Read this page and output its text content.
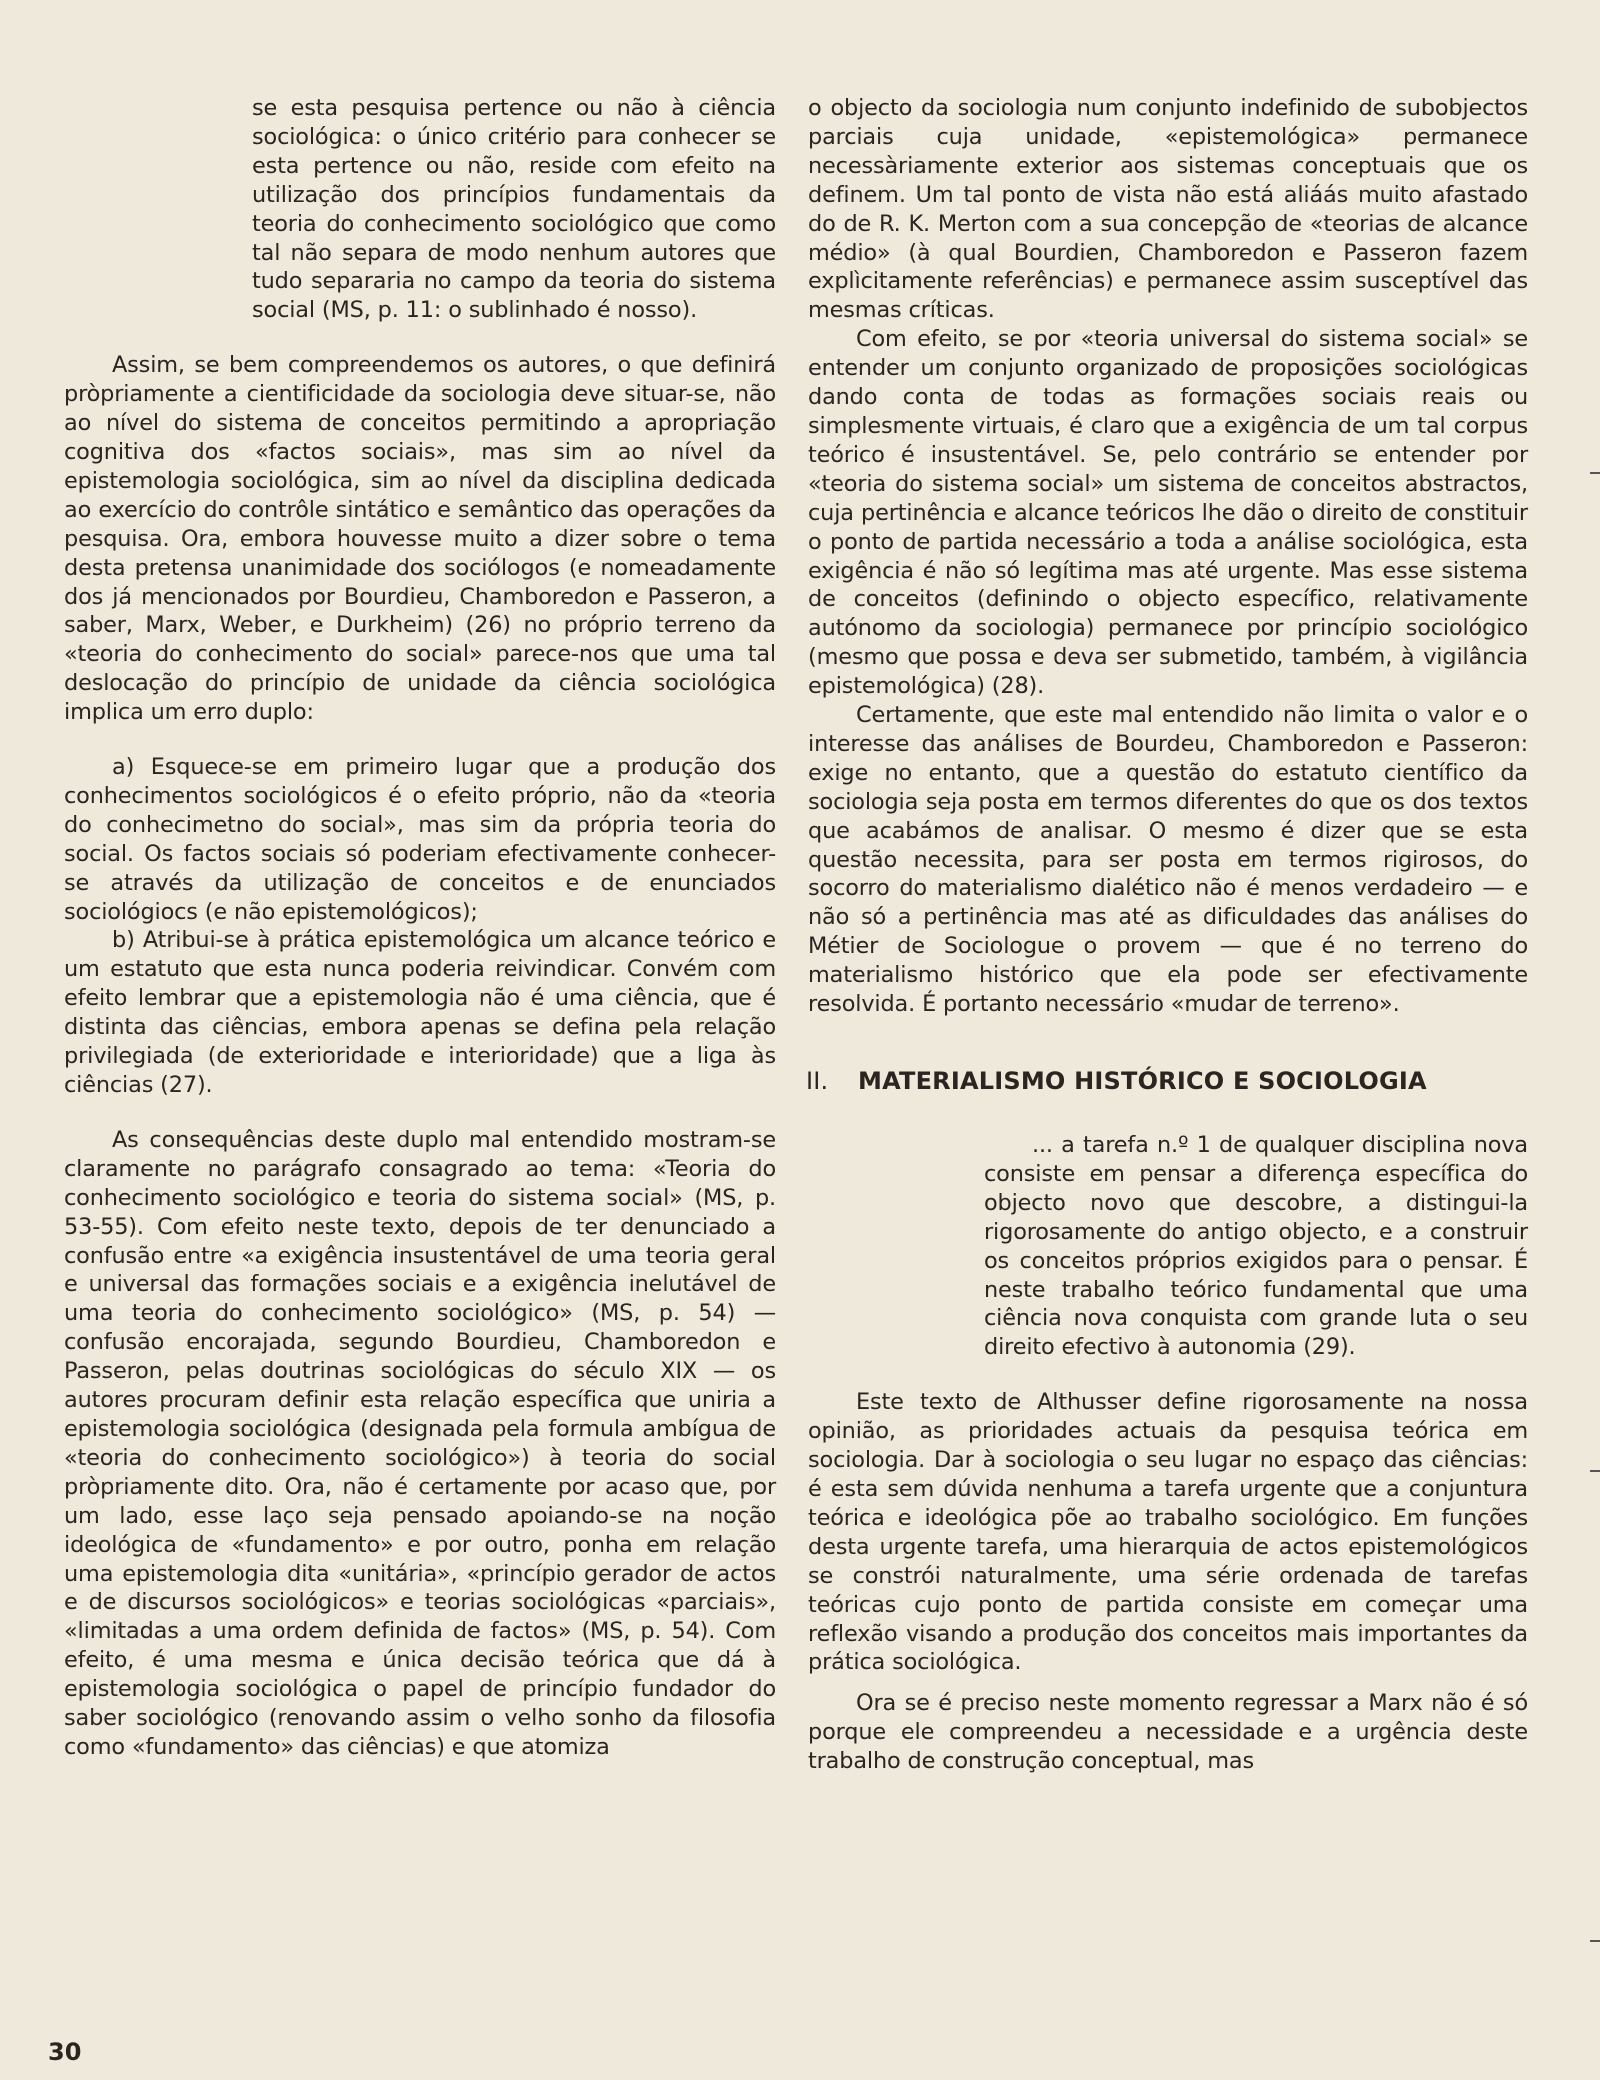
se esta pesquisa pertence ou não à ciência sociológica: o único critério para conhecer se esta pertence ou não, reside com efeito na utilização dos princípios fundamentais da teoria do conhecimento sociológico que como tal não separa de modo nenhum autores que tudo separaria no campo da teoria do sistema social (MS, p. 11: o sublinhado é nosso).

Assim, se bem compreendemos os autores, o que definirá pròpriamente a cientificidade da sociologia deve situar-se, não ao nível do sistema de conceitos permitindo a apropriação cognitiva dos «factos sociais», mas sim ao nível da epistemologia sociológica, sim ao nível da disciplina dedicada ao exercício do contrôle sintático e semântico das operações da pesquisa. Ora, embora houvesse muito a dizer sobre o tema desta pretensa unanimidade dos sociólogos (e nomeadamente dos já mencionados por Bourdieu, Chamboredon e Passeron, a saber, Marx, Weber, e Durkheim) (26) no próprio terreno da «teoria do conhecimento do social» parece-nos que uma tal deslocação do princípio de unidade da ciência sociológica implica um erro duplo:

a) Esquece-se em primeiro lugar que a produção dos conhecimentos sociológicos é o efeito próprio, não da «teoria do conhecimetno do social», mas sim da própria teoria do social. Os factos sociais só poderiam efectivamente conhecer-se através da utilização de conceitos e de enunciados sociológiocs (e não epistemológicos);

b) Atribui-se à prática epistemológica um alcance teórico e um estatuto que esta nunca poderia reivindicar. Convém com efeito lembrar que a epistemologia não é uma ciência, que é distinta das ciências, embora apenas se defina pela relação privilegiada (de exterioridade e interioridade) que a liga às ciências (27).

As consequências deste duplo mal entendido mostram-se claramente no parágrafo consagrado ao tema: «Teoria do conhecimento sociológico e teoria do sistema social» (MS, p. 53-55). Com efeito neste texto, depois de ter denunciado a confusão entre «a exigência insustentável de uma teoria geral e universal das formações sociais e a exigência inelutável de uma teoria do conhecimento sociológico» (MS, p. 54) — confusão encorajada, segundo Bourdieu, Chamboredon e Passeron, pelas doutrinas sociológicas do século XIX — os autores procuram definir esta relação específica que uniria a epistemologia sociológica (designada pela formula ambígua de «teoria do conhecimento sociológico») à teoria do social pròpriamente dito. Ora, não é certamente por acaso que, por um lado, esse laço seja pensado apoiando-se na noção ideológica de «fundamento» e por outro, ponha em relação uma epistemologia dita «unitária», «princípio gerador de actos e de discursos sociológicos» e teorias sociológicas «parciais», «limitadas a uma ordem definida de factos» (MS, p. 54). Com efeito, é uma mesma e única decisão teórica que dá à epistemologia sociológica o papel de princípio fundador do saber sociológico (renovando assim o velho sonho da filosofia como «fundamento» das ciências) e que atomiza

o objecto da sociologia num conjunto indefinido de subobjectos parciais cuja unidade, «epistemológica» permanece necessàriamente exterior aos sistemas conceptuais que os definem. Um tal ponto de vista não está aliáás muito afastado do de R. K. Merton com a sua concepção de «teorias de alcance médio» (à qual Bourdien, Chamboredon e Passeron fazem explìcitamente referências) e permanece assim susceptível das mesmas críticas.

Com efeito, se por «teoria universal do sistema social» se entender um conjunto organizado de proposições sociológicas dando conta de todas as formações sociais reais ou simplesmente virtuais, é claro que a exigência de um tal corpus teórico é insustentável. Se, pelo contrário se entender por «teoria do sistema social» um sistema de conceitos abstractos, cuja pertinência e alcance teóricos lhe dão o direito de constituir o ponto de partida necessário a toda a análise sociológica, esta exigência é não só legítima mas até urgente. Mas esse sistema de conceitos (definindo o objecto específico, relativamente autónomo da sociologia) permanece por princípio sociológico (mesmo que possa e deva ser submetido, também, à vigilância epistemológica) (28).

Certamente, que este mal entendido não limita o valor e o interesse das análises de Bourdeu, Chamboredon e Passeron: exige no entanto, que a questão do estatuto científico da sociologia seja posta em termos diferentes do que os dos textos que acabámos de analisar. O mesmo é dizer que se esta questão necessita, para ser posta em termos rigirosos, do socorro do materialismo dialético não é menos verdadeiro — e não só a pertinência mas até as dificuldades das análises do Métier de Sociologue o provem — que é no terreno do materialismo histórico que ela pode ser efectivamente resolvida. É portanto necessário «mudar de terreno».

II. MATERIALISMO HISTÓRICO E SOCIOLOGIA

... a tarefa n.º 1 de qualquer disciplina nova consiste em pensar a diferença específica do objecto novo que descobre, a distingui-la rigorosamente do antigo objecto, e a construir os conceitos próprios exigidos para o pensar. É neste trabalho teórico fundamental que uma ciência nova conquista com grande luta o seu direito efectivo à autonomia (29).

Este texto de Althusser define rigorosamente na nossa opinião, as prioridades actuais da pesquisa teórica em sociologia. Dar à sociologia o seu lugar no espaço das ciências: é esta sem dúvida nenhuma a tarefa urgente que a conjuntura teórica e ideológica põe ao trabalho sociológico. Em funções desta urgente tarefa, uma hierarquia de actos epistemológicos se constrói naturalmente, uma série ordenada de tarefas teóricas cujo ponto de partida consiste em começar uma reflexão visando a produção dos conceitos mais importantes da prática sociológica.

Ora se é preciso neste momento regressar a Marx não é só porque ele compreendeu a necessidade e a urgência deste trabalho de construção conceptual, mas

30
